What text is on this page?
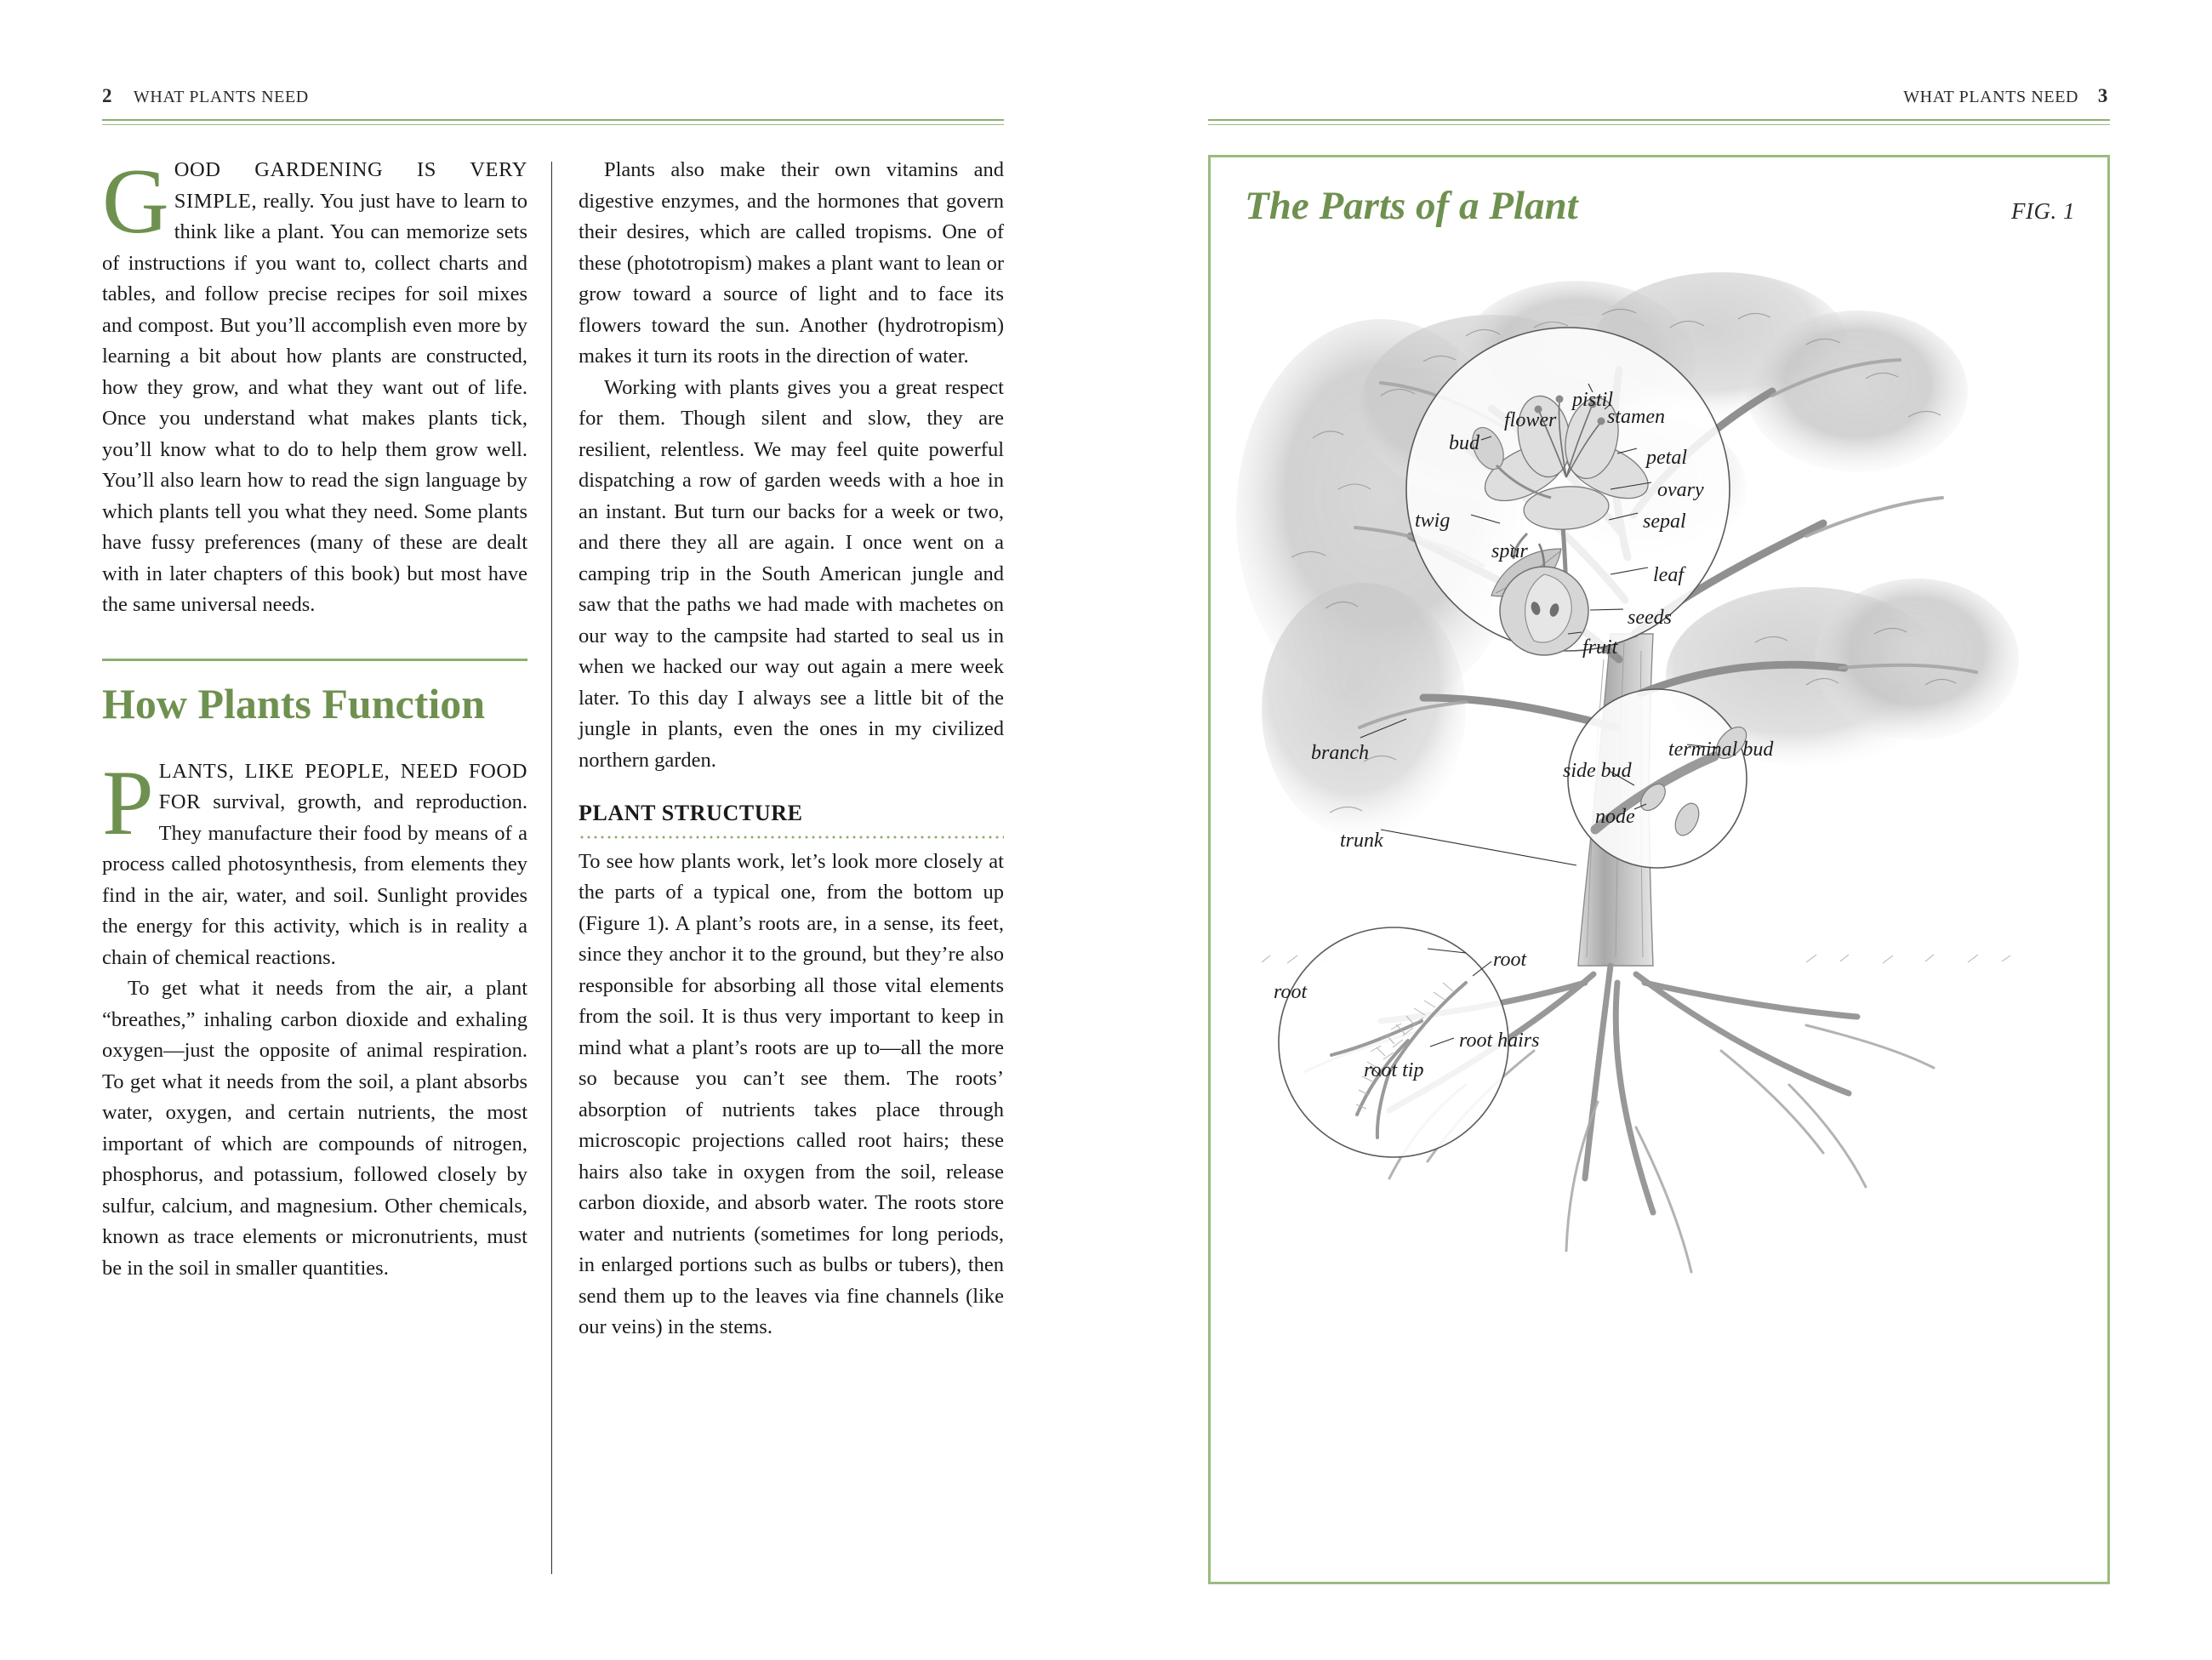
2 WHAT PLANTS NEED
G OOD GARDENING IS VERY SIMPLE, really. You just have to learn to think like a plant. You can memorize sets of instructions if you want to, collect charts and tables, and follow precise recipes for soil mixes and compost. But you’ll accomplish even more by learning a bit about how plants are constructed, how they grow, and what they want out of life. Once you understand what makes plants tick, you’ll know what to do to help them grow well. You’ll also learn how to read the sign language by which plants tell you what they need. Some plants have fussy preferences (many of these are dealt with in later chapters of this book) but most have the same universal needs.
How Plants Function
P LANTS, LIKE PEOPLE, NEED FOOD FOR survival, growth, and reproduction. They manufacture their food by means of a process called photosynthesis, from elements they find in the air, water, and soil. Sunlight provides the energy for this activity, which is in reality a chain of chemical reactions.

To get what it needs from the air, a plant “breathes,” inhaling carbon dioxide and exhaling oxygen—just the opposite of animal respiration. To get what it needs from the soil, a plant absorbs water, oxygen, and certain nutrients, the most important of which are compounds of nitrogen, phosphorus, and potassium, followed closely by sulfur, calcium, and magnesium. Other chemicals, known as trace elements or micronutrients, must be in the soil in smaller quantities.

Plants also make their own vitamins and digestive enzymes, and the hormones that govern their desires, which are called tropisms. One of these (phototropism) makes a plant want to lean or grow toward a source of light and to face its flowers toward the sun. Another (hydrotropism) makes it turn its roots in the direction of water.

Working with plants gives you a great respect for them. Though silent and slow, they are resilient, relentless. We may feel quite powerful dispatching a row of garden weeds with a hoe in an instant. But turn our backs for a week or two, and there they all are again. I once went on a camping trip in the South American jungle and saw that the paths we had made with machetes on our way to the campsite had started to seal us in when we hacked our way out again a mere week later. To this day I always see a little bit of the jungle in plants, even the ones in my civilized northern garden.

PLANT STRUCTURE

To see how plants work, let’s look more closely at the parts of a typical one, from the bottom up (Figure 1). A plant’s roots are, in a sense, its feet, since they anchor it to the ground, but they’re also responsible for absorbing all those vital elements from the soil. It is thus very important to keep in mind what a plant’s roots are up to—all the more so because you can’t see them. The roots’ absorption of nutrients takes place through microscopic projections called root hairs; these hairs also take in oxygen from the soil, release carbon dioxide, and absorb water. The roots store water and nutrients (sometimes for long periods, in enlarged portions such as bulbs or tubers), then send them up to the leaves via fine channels (like our veins) in the stems.

WHAT PLANTS NEED 3
The Parts of a Plant	FIG. 1
pistil
stamen
flower
bud
petal
ovary
twig	sepal
spur
leaf
seeds
fruit
branch	terminal bud
side bud
node
trunk
root
root
root hairs
root tip
